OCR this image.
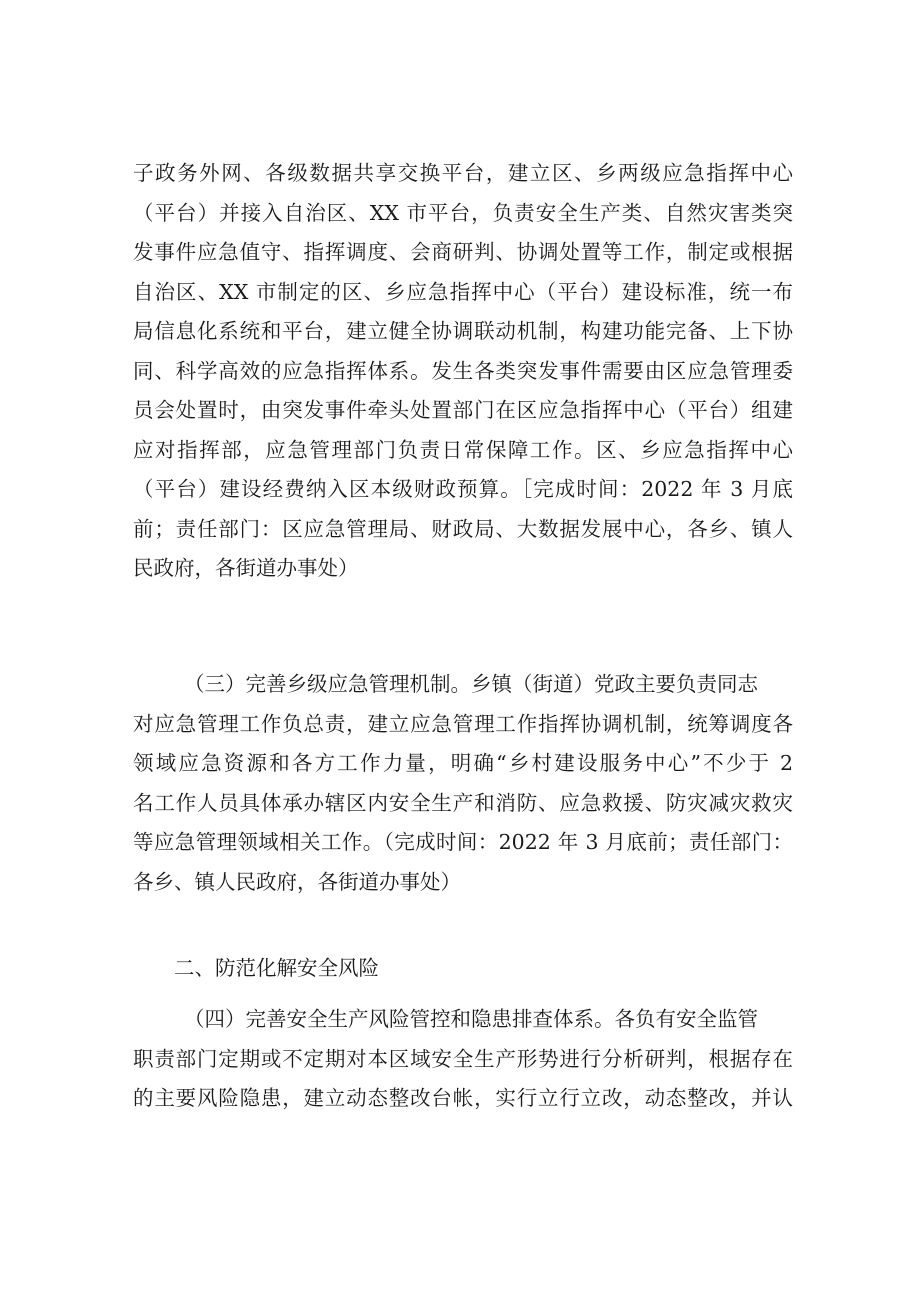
子政务外网、各级数据共享交换平台，建立区、乡两级应急指挥中心
（平台）并接入自治区、XX 市平台，负责安全生产类、自然灾害类突
发事件应急值守、指挥调度、会商研判、协调处置等工作，制定或根据
自治区、XX 市制定的区、乡应急指挥中心（平台）建设标准，统一布
局信息化系统和平台，建立健全协调联动机制，构建功能完备、上下协
同、科学高效的应急指挥体系。发生各类突发事件需要由区应急管理委
员会处置时，由突发事件牵头处置部门在区应急指挥中心（平台）组建
应对指挥部，应急管理部门负责日常保障工作。区、乡应急指挥中心
（平台）建设经费纳入区本级财政预算。［完成时间：2022 年 3 月底
前；责任部门：区应急管理局、财政局、大数据发展中心，各乡、镇人
民政府，各街道办事处）
（三）完善乡级应急管理机制。乡镇（街道）党政主要负责同志
对应急管理工作负总责，建立应急管理工作指挥协调机制，统筹调度各
领域应急资源和各方工作力量，明确“乡村建设服务中心”不少于 2
名工作人员具体承办辖区内安全生产和消防、应急救援、防灾减灾救灾
等应急管理领域相关工作。（完成时间：2022 年 3 月底前；责任部门：
各乡、镇人民政府，各街道办事处）
二、防范化解安全风险
（四）完善安全生产风险管控和隐患排查体系。各负有安全监管
职责部门定期或不定期对本区域安全生产形势进行分析研判，根据存在
的主要风险隐患，建立动态整改台帐，实行立行立改，动态整改，并认
